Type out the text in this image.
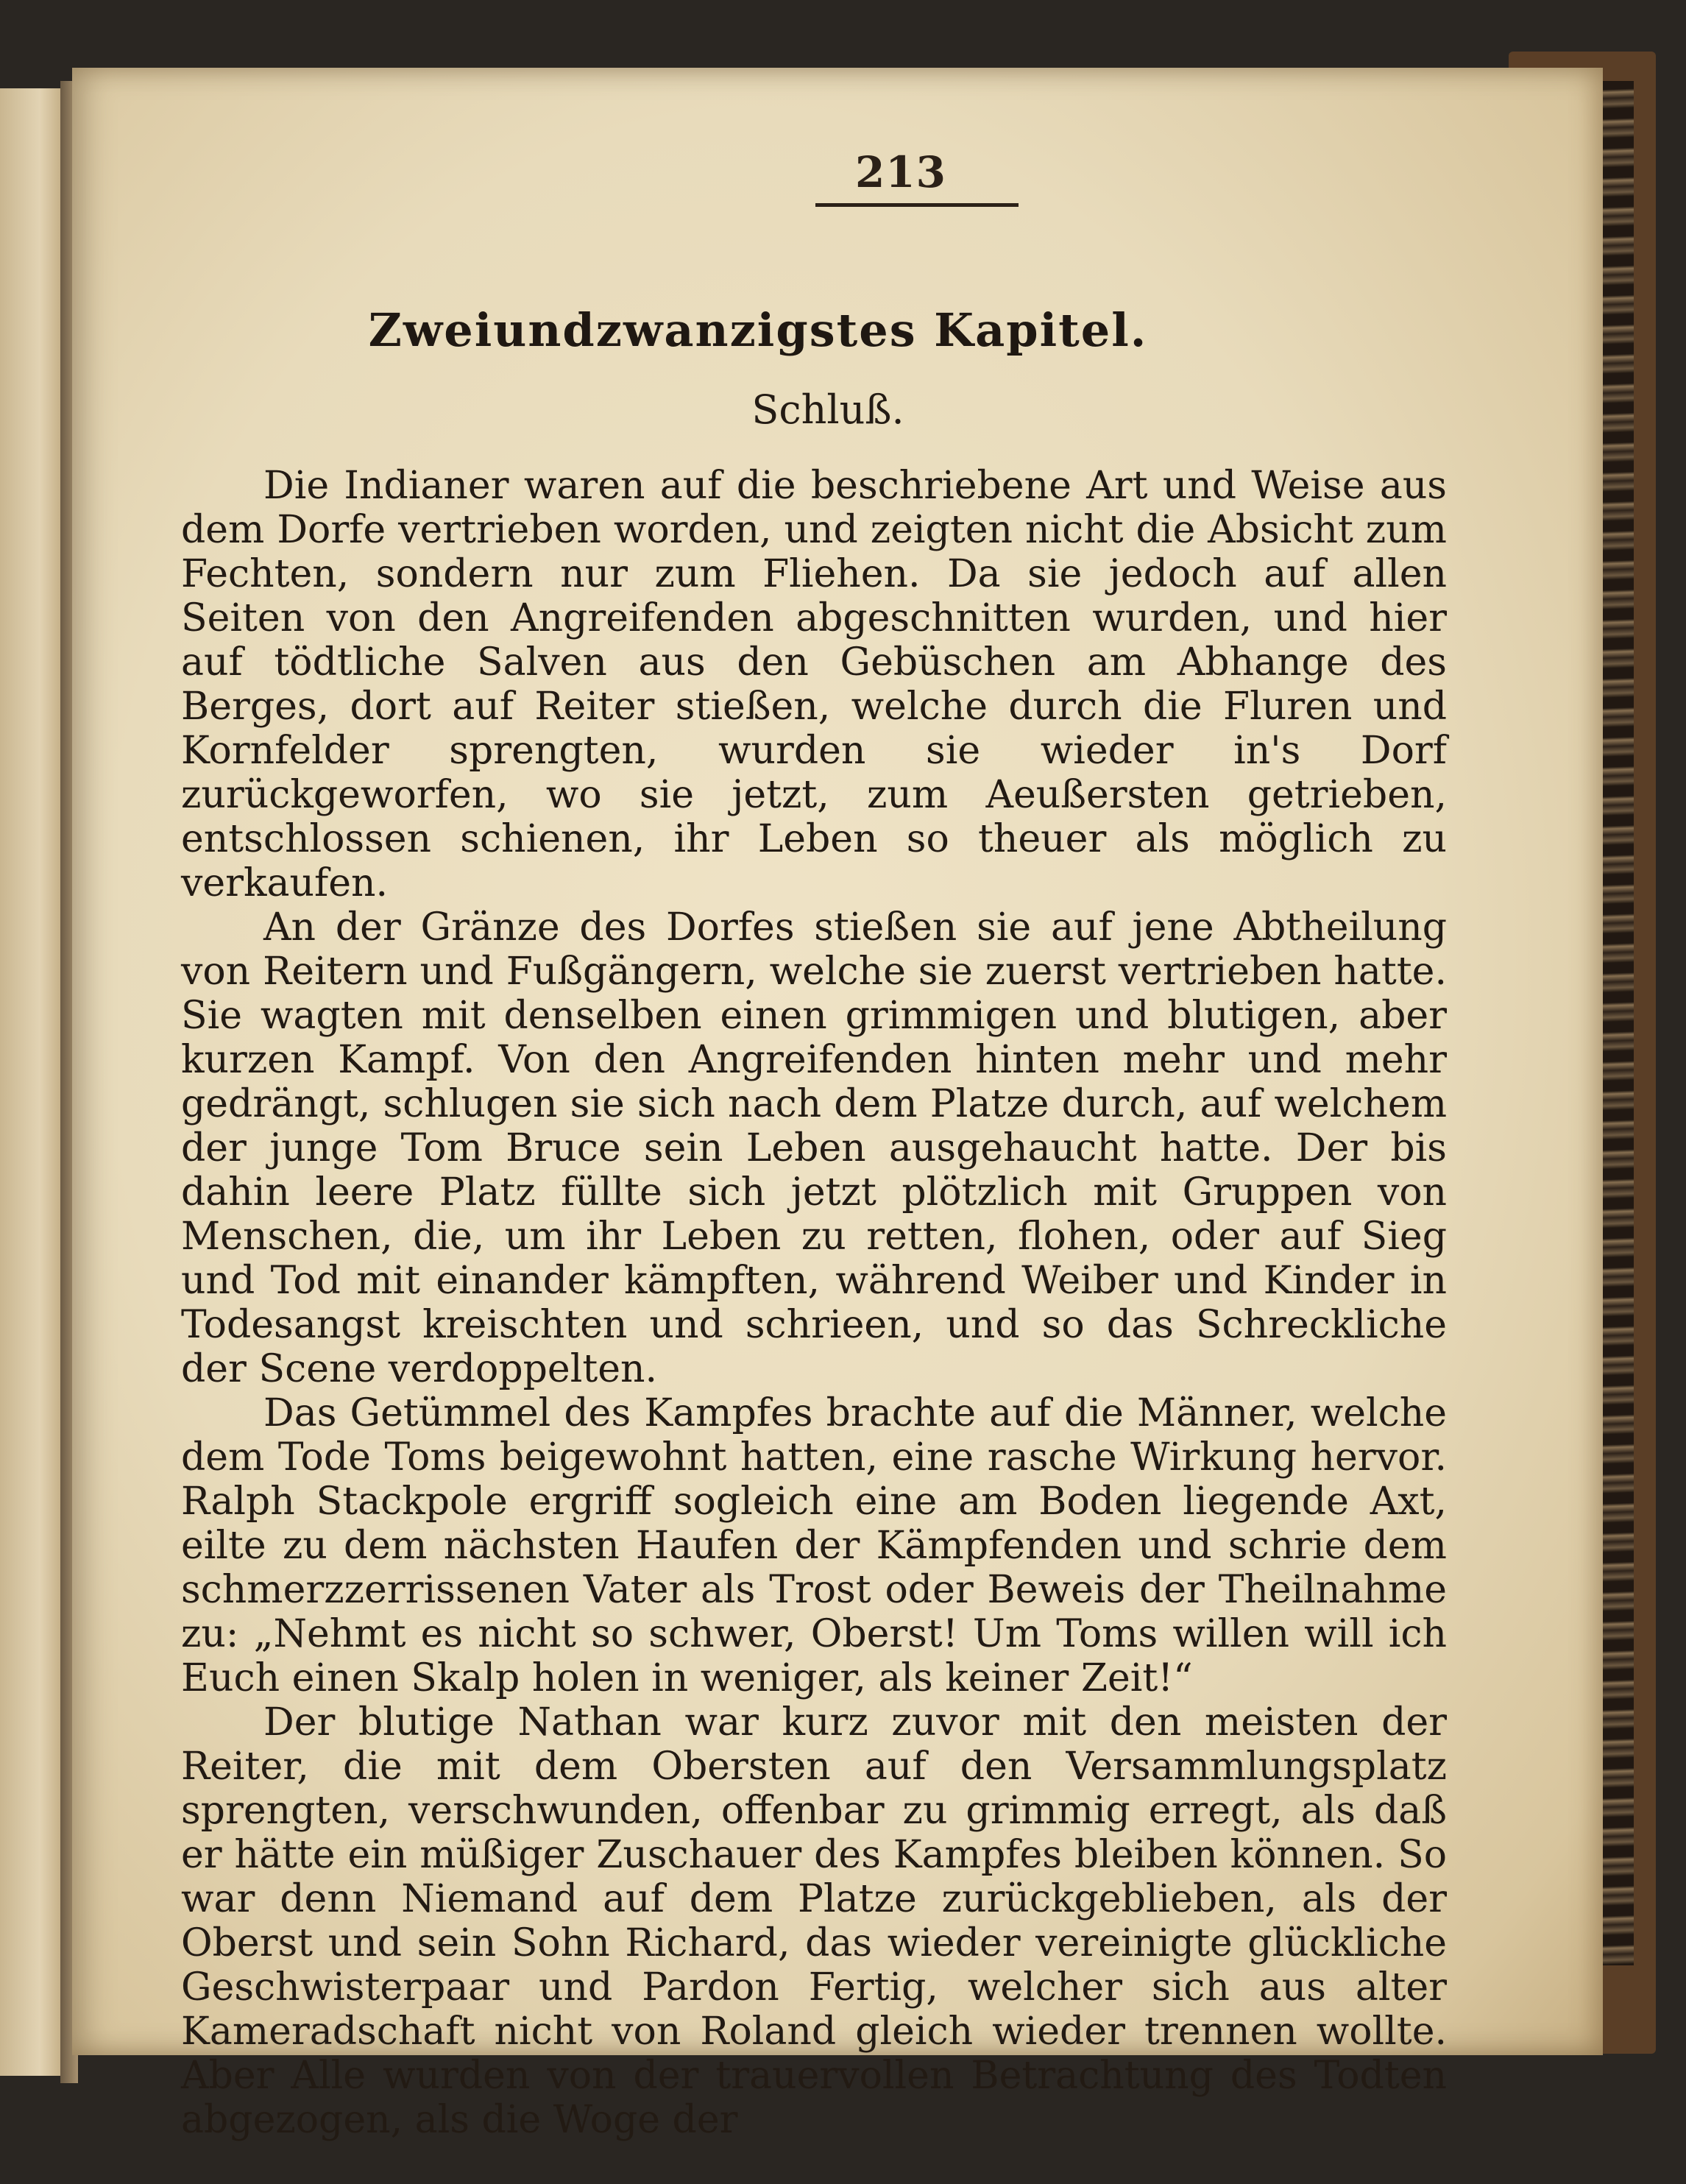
213
Zweiundzwanzigstes Kapitel.
Schluß.

Die Indianer waren auf die beschriebene Art und Weise aus dem Dorfe vertrieben worden, und zeigten nicht die Absicht zum Fechten, sondern nur zum Fliehen. Da sie jedoch auf allen Seiten von den Angreifenden abgeschnitten wurden, und hier auf tödtliche Salven aus den Gebüschen am Abhange des Berges, dort auf Reiter stießen, welche durch die Fluren und Kornfelder sprengten, wurden sie wieder in's Dorf zurückgeworfen, wo sie jetzt, zum Aeußersten getrieben, entschlossen schienen, ihr Leben so theuer als möglich zu verkaufen.

An der Gränze des Dorfes stießen sie auf jene Abtheilung von Reitern und Fußgängern, welche sie zuerst vertrieben hatte. Sie wagten mit denselben einen grimmigen und blutigen, aber kurzen Kampf. Von den Angreifenden hinten mehr und mehr gedrängt, schlugen sie sich nach dem Platze durch, auf welchem der junge Tom Bruce sein Leben ausgehaucht hatte. Der bis dahin leere Platz füllte sich jetzt plötzlich mit Gruppen von Menschen, die, um ihr Leben zu retten, flohen, oder auf Sieg und Tod mit einander kämpften, während Weiber und Kinder in Todesangst kreischten und schrieen, und so das Schreckliche der Scene verdoppelten.

Das Getümmel des Kampfes brachte auf die Männer, welche dem Tode Toms beigewohnt hatten, eine rasche Wirkung hervor. Ralph Stackpole ergriff sogleich eine am Boden liegende Axt, eilte zu dem nächsten Haufen der Kämpfenden und schrie dem schmerzzerrissenen Vater als Trost oder Beweis der Theilnahme zu: „Nehmt es nicht so schwer, Oberst! Um Toms willen will ich Euch einen Skalp holen in weniger, als keiner Zeit!“

Der blutige Nathan war kurz zuvor mit den meisten der Reiter, die mit dem Obersten auf den Versammlungsplatz sprengten, verschwunden, offenbar zu grimmig erregt, als daß er hätte ein müßiger Zuschauer des Kampfes bleiben können. So war denn Niemand auf dem Platze zurückgeblieben, als der Oberst und sein Sohn Richard, das wieder vereinigte glückliche Geschwisterpaar und Pardon Fertig, welcher sich aus alter Kameradschaft nicht von Roland gleich wieder trennen wollte. Aber Alle wurden von der trauervollen Betrachtung des Todten abgezogen, als die Woge der
